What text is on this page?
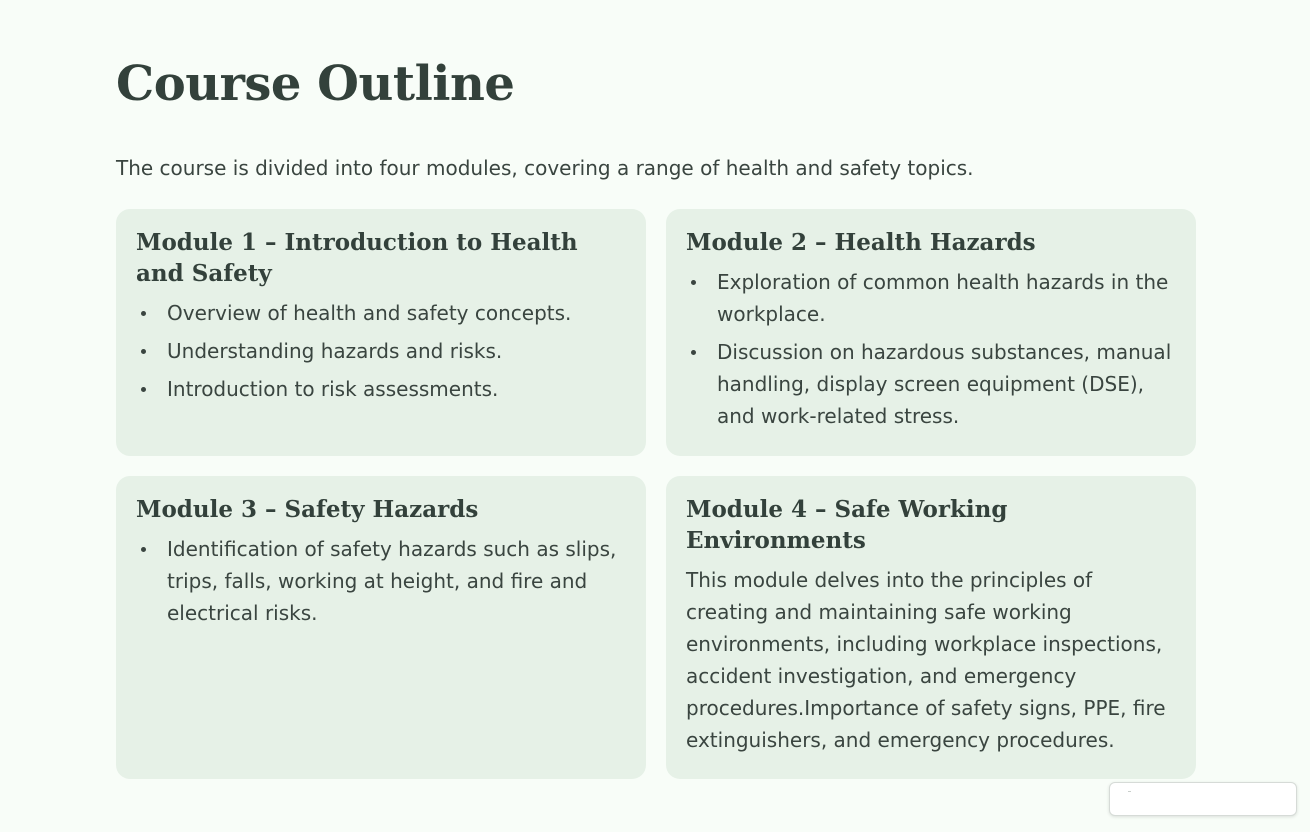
Course Outline

The course is divided into four modules, covering a range of health and safety topics.

Module 1 – Introduction to Health and Safety
Overview of health and safety concepts.
Understanding hazards and risks.
Introduction to risk assessments.
Module 2 – Health Hazards
Exploration of common health hazards in the workplace.
Discussion on hazardous substances, manual handling, display screen equipment (DSE), and work-related stress.
Module 3 – Safety Hazards
Identification of safety hazards such as slips, trips, falls, working at height, and fire and electrical risks.
Module 4 – Safe Working Environments

This module delves into the principles of creating and maintaining safe working environments, including workplace inspections, accident investigation, and emergency procedures.Importance of safety signs, PPE, fire extinguishers, and emergency procedures.
